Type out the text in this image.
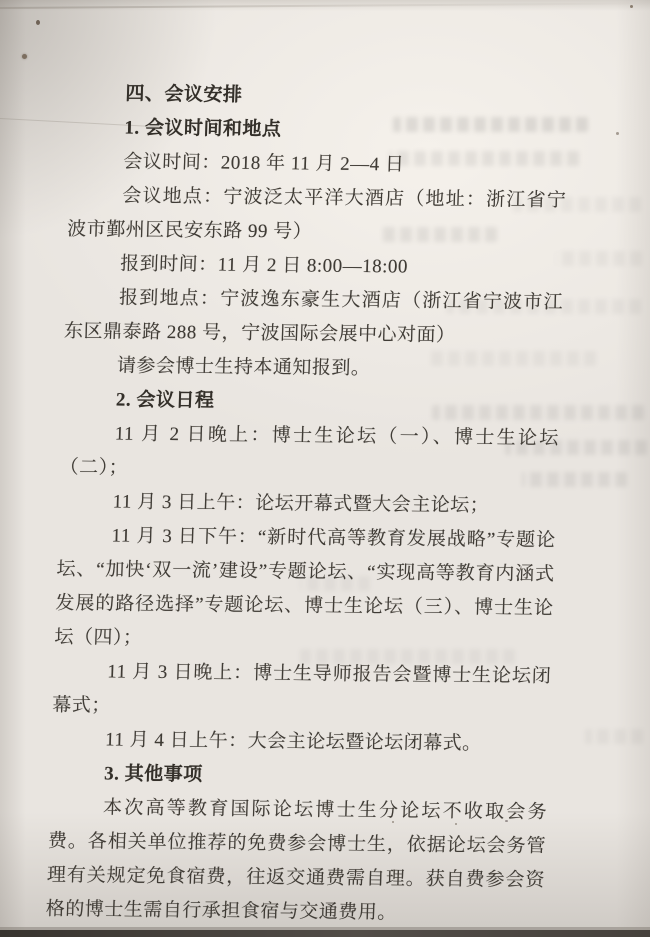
四、会议安排
1. 会议时间和地点

会议时间：2018 年 11 月 2—4 日

会议地点：宁波泛太平洋大酒店（地址：浙江省宁波市鄞州区民安东路 99 号）

报到时间：11 月 2 日 8:00—18:00

报到地点：宁波逸东豪生大酒店（浙江省宁波市江东区鼎泰路 288 号，宁波国际会展中心对面）

请参会博士生持本通知报到。

2. 会议日程

11 月 2 日晚上：博士生论坛（一）、博士生论坛（二）；

11 月 3 日上午：论坛开幕式暨大会主论坛；

11 月 3 日下午：“新时代高等教育发展战略”专题论坛、“加快‘双一流’建设”专题论坛、“实现高等教育内涵式发展的路径选择”专题论坛、博士生论坛（三）、博士生论坛（四）；

11 月 3 日晚上：博士生导师报告会暨博士生论坛闭幕式；

11 月 4 日上午：大会主论坛暨论坛闭幕式。

3. 其他事项

本次高等教育国际论坛博士生分论坛不收取会务费。各相关单位推荐的免费参会博士生，依据论坛会务管理有关规定免食宿费，往返交通费需自理。获自费参会资格的博士生需自行承担食宿与交通费用。
